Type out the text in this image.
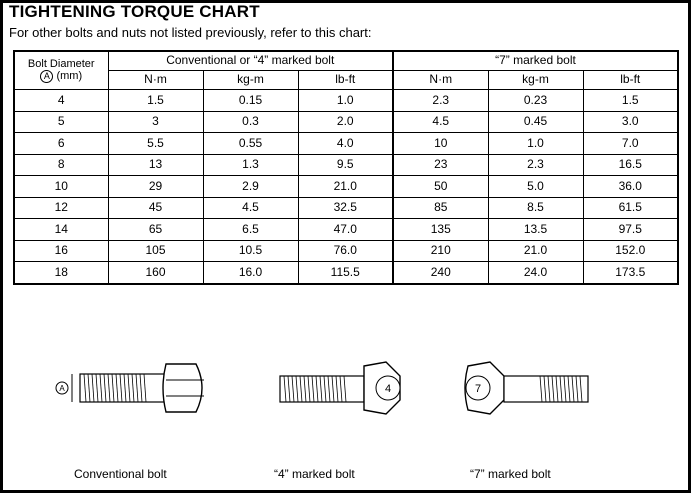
TIGHTENING TORQUE CHART
For other bolts and nuts not listed previously, refer to this chart:
Bolt Diameter
A (mm)	Conventional or “4” marked bolt			“7” marked bolt		
	N·m	kg-m	lb-ft	N·m	kg-m	lb-ft
4	1.5	0.15	1.0	2.3	0.23	1.5
5	3	0.3	2.0	4.5	0.45	3.0
6	5.5	0.55	4.0	10	1.0	7.0
8	13	1.3	9.5	23	2.3	16.5
10	29	2.9	21.0	50	5.0	36.0
12	45	4.5	32.5	85	8.5	61.5
14	65	6.5	47.0	135	13.5	97.5
16	105	10.5	76.0	210	21.0	152.0
18	160	16.0	115.5	240	24.0	173.5
A	4	7
Conventional bolt	“4” marked bolt	“7” marked bolt
